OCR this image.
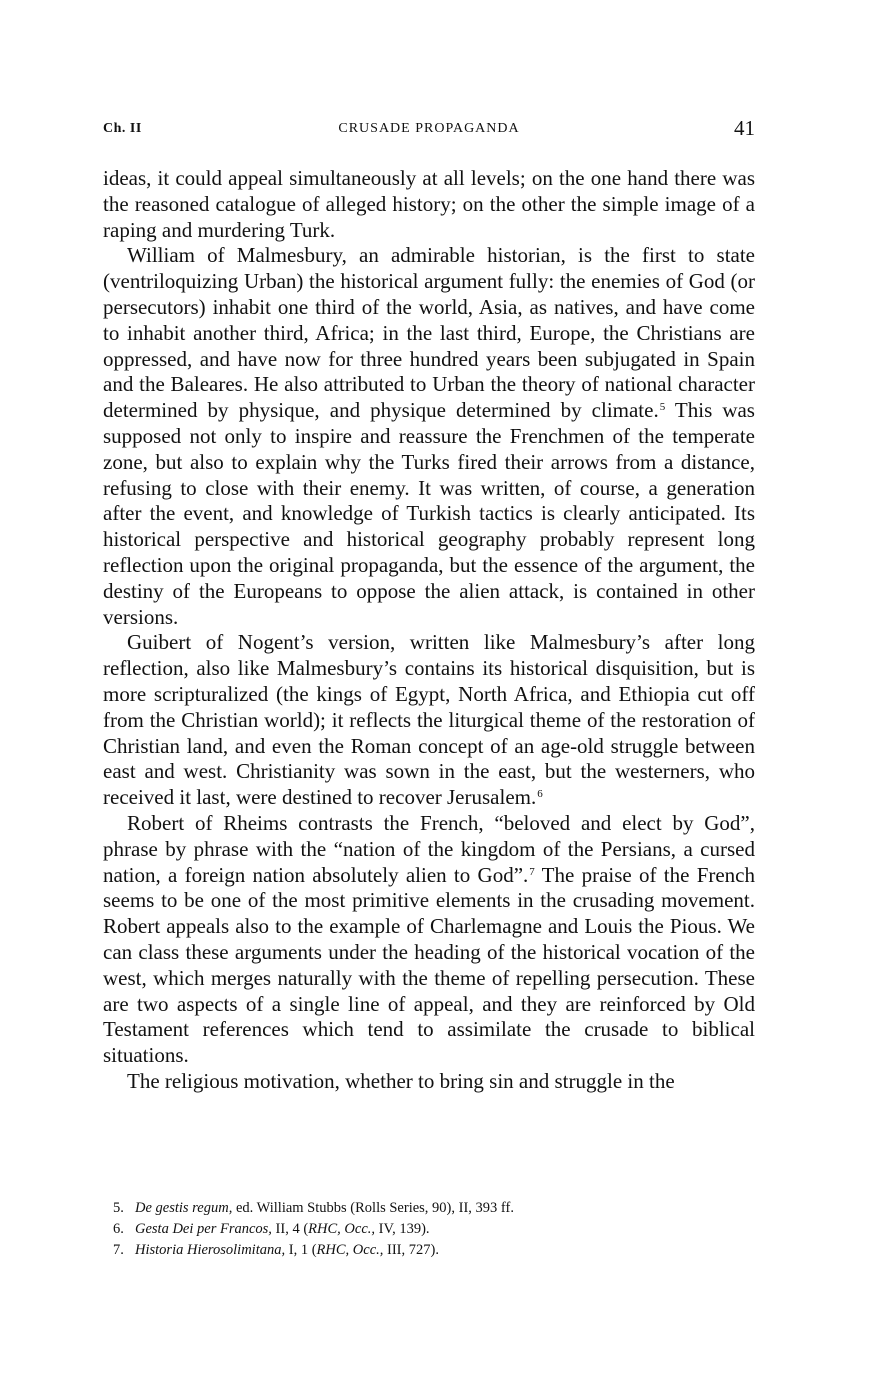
Ch. II	CRUSADE PROPAGANDA	41

ideas, it could appeal simultaneously at all levels; on the one hand there was the reasoned catalogue of alleged history; on the other the simple image of a raping and murdering Turk.

William of Malmesbury, an admirable historian, is the first to state (ventriloquizing Urban) the historical argument fully: the enemies of God (or persecutors) inhabit one third of the world, Asia, as natives, and have come to inhabit another third, Africa; in the last third, Europe, the Christians are oppressed, and have now for three hundred years been subjugated in Spain and the Baleares. He also attributed to Urban the theory of national character determined by physique, and physique determined by climate.$^5$ This was supposed not only to inspire and reassure the Frenchmen of the temperate zone, but also to explain why the Turks fired their arrows from a distance, refusing to close with their enemy. It was written, of course, a generation after the event, and knowledge of Turkish tactics is clearly anticipated. Its historical perspective and historical geography probably represent long reflection upon the original propaganda, but the essence of the argument, the destiny of the Europeans to oppose the alien attack, is contained in other versions.

Guibert of Nogent’s version, written like Malmesbury’s after long reflection, also like Malmesbury’s contains its historical disquisition, but is more scripturalized (the kings of Egypt, North Africa, and Ethiopia cut off from the Christian world); it reflects the liturgical theme of the restoration of Christian land, and even the Roman concept of an age-old struggle between east and west. Christianity was sown in the east, but the westerners, who received it last, were destined to recover Jerusalem.$^6$

Robert of Rheims contrasts the French, “beloved and elect by God”, phrase by phrase with the “nation of the kingdom of the Persians, a cursed nation, a foreign nation absolutely alien to God”.$^7$ The praise of the French seems to be one of the most primitive elements in the crusading movement. Robert appeals also to the example of Charlemagne and Louis the Pious. We can class these arguments under the heading of the historical vocation of the west, which merges naturally with the theme of repelling persecution. These are two aspects of a single line of appeal, and they are reinforced by Old Testament references which tend to assimilate the crusade to biblical situations.

The religious motivation, whether to bring sin and struggle in the

5. De gestis regum, ed. William Stubbs (Rolls Series, 90), II, 393 ff.
6. Gesta Dei per Francos, II, 4 (RHC, Occ., IV, 139).
7. Historia Hierosolimitana, I, 1 (RHC, Occ., III, 727).
